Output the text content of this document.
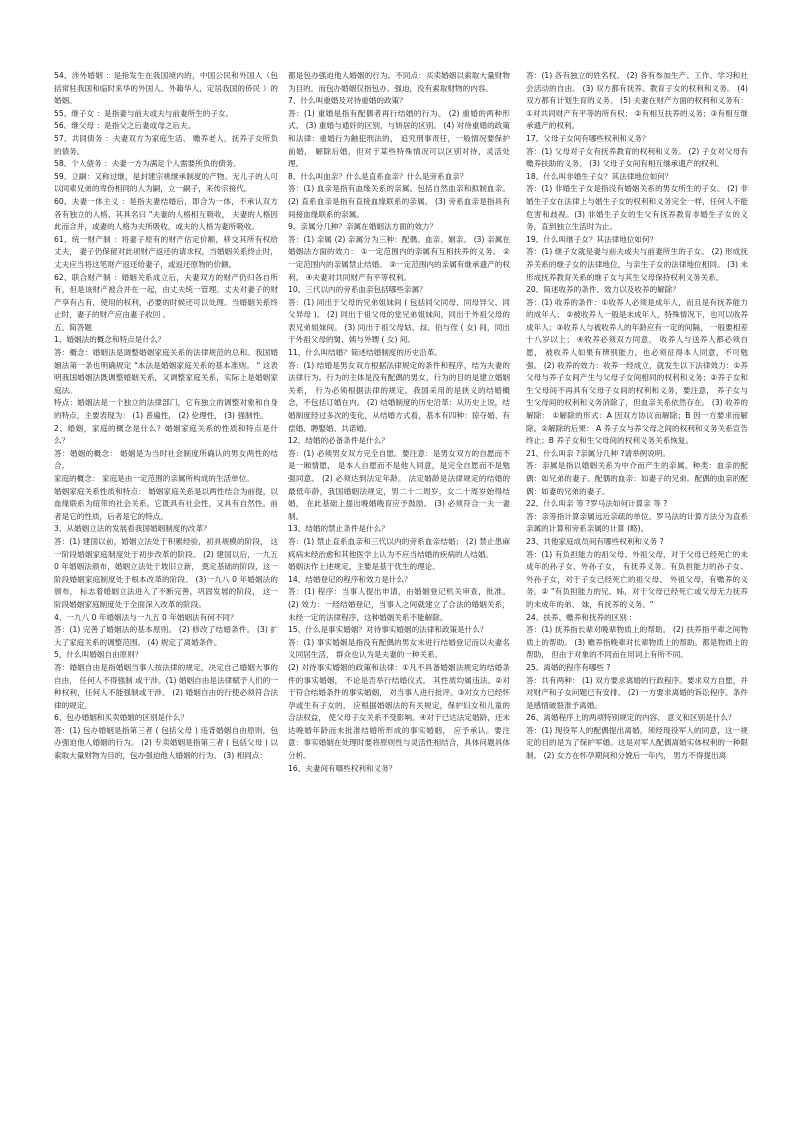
54、涉外婚姻 ：是指发生在我国境内的，中国公民和外国人（包括常驻我国和临时来华的外国人、外籍华人，定居我国的侨民 ）的婚姻。

55、继子女 ：是指妻与前夫或夫与前妻所生的子女。

56、继父母 ：是指父之后妻或母之后夫。

57、共同债务 ：夫妻双方为家庭生活、 赡养老人，抚养子女所负的债务。

58、个人债务 ：夫妻一方为满足个人需要所负的债务。

59、立嗣：又称过继，是封建宗祧继承制度的产物。无儿子的人可以同辈兄弟的卑份相同的人为嗣，立一嗣子，来传宗接代。

60、夫妻一体主义 ：是指夫妻结婚后，即合为一体，不承认双方各有独立的人格，其具名曰 "夫妻的人格相互吸收， 夫妻的人格因此而合并，或妻的人格为夫所吸收，或夫的人格为妻所吸收。

61、统一财产制 ：将妻子原有的财产估定价额，移交其所有权给丈夫， 妻子仍保留对此项财产返还的请求权，当婚姻关系终止时，丈夫应当将这笔财产返还给妻子，或返还原物的价额。

62、联合财产制 ：婚姻关系成立后，夫妻双方的财产仍归各自所有，但是该财产被合并在一起，由丈夫统一管理。丈夫对妻子的财产享有占有，使用的权利，必要的时候还可以处理。当婚姻关系终止时，妻子的财产应由妻子收回 。

五、简答题

1、婚姻法的概念和特点是什么？

答：概念：婚姻法是调整婚姻家庭关系的法律规范的总和。我国婚姻法第一条也明确规定 "本法是婚姻家庭关系的基本准则。 " 这表明我国婚姻法既调整婚姻关系，又调整家庭关系，实际上是婚姻家庭法。

特点：婚姻法是一个独立的法律部门，它有独立的调整对象和自身的特点，主要表现为： (1) 普遍性， (2) 伦理性， (3) 强制性。

2、婚姻，家庭的概念是什么？婚姻家庭关系的性质和特点是什么？

答：婚姻的概念： 婚姻是为当时社会制度所确认的男女两性的结合。

家庭的概念： 家庭是由一定范围的亲属所构成的生活单位。

婚姻家庭关系性质和特点： 婚姻家庭关系是以两性结合为前提，以血缘联系为纽带的社会关系，它既具有社会性，又具有自然性。前者是它的性质，后者是它的特点。

3、从婚姻立法的发展看我国婚姻制度的改革？

答：(1) 建国以前，婚姻立法处于积累经验，初具规模的阶段， 这一阶段婚姻家庭制度处于初步改革的阶段。 (2) 建国以后，一九五 0 年婚姻法颁布，婚姻立法处于坡旧立新， 奠定基础的阶段，这一阶段婚姻家庭制度处于根本改革的阶段。 (3)一九八 0 年婚姻法的颁布， 标志着婚姻立法进入了不断完善，巩固发展的阶段， 这一阶段婚姻家庭制度处于全面深入改革的阶段。

4、一九八 0 年婚姻法与一九五 0 年婚姻法有何不同？

答：(1) 完善了婚姻法的基本原则。 (2) 修改了结婚条件。 (3) 扩大了家庭关系的调整范围。 (4) 规定了离婚条件。

5、什么叫婚姻自由原则？

答：婚姻自由是指婚姻当事人按法律的规定，决定自己婚姻大事的自由， 任何人不得强制 或干涉。(1) 婚姻自由是法律赋予人们的一种权利，任何人不能强制或干涉。 (2) 婚姻自由的行使必须符合法律的规定。

6、包办婚姻和买卖婚姻的区别是什么？

答：(1) 包办婚姻是指第三者 ( 包括父母 ) 违背婚姻自由原则，包办强迫他人婚姻的行为。 (2) 专卖婚姻是指第三者 ( 包括父母 ) 以索取大量财物为目的，包办强迫他人婚姻的行为。 (3) 相同点：

都是包办强迫他人婚姻的行为。不同点：买卖婚姻以索取大量财物为目的，而包办婚姻仅指包办、强迫，没有索取财物的内容。

7、什么叫重婚及对待重婚的政策？

答：(1) 重婚是指有配偶者再行结婚的行为。 (2) 重婚的两种形式。 (3) 重婚与通奸的区别，与姘居的区别。 (4) 对待重婚的政策和法律：重婚行为触犯刑法的， 追究刑事责任，一般情况要保护前婚， 解除后婚，但对于某些特殊情况可以区别对待，灵活处理。

8、什么叫血亲？什么是直系血亲？什么是旁系血亲？

答：(1) 血亲是指有血缘关系的亲属。包括自然血亲和拟制血亲。 (2) 直系血亲是指有直接血缘联系的亲属。 (3) 旁系血亲是指具有间接血缘联系的亲属。

9、亲属分几种？亲属在婚姻法方面的效力？

答：(1) 亲属 (2) 亲属分为三种：配偶、血亲、姻亲。 (3) 亲属在婚姻法方面的效力： ①一定范围内的亲属有互相扶养的义务。 ②一定范围内的亲属禁止结婚。 ③一定范围内的亲属有继承遗产的权利。 ④夫妻对共同财产有平等权利。

10、三代以内的旁系血亲包括哪些亲属？

答：(1) 同出于父母的兄弟姐妹间 ( 包括同父同母、同母异父、同父异母 )。 (2) 同出于祖父母的堂兄弟姐妹间，同出于外祖父母的表兄弟姐妹间。 (3) 同出于祖父母姑、叔、伯与侄 ( 女) 间，同出于外祖父母的舅、姨与外甥 ( 女) 间。

11、什么叫结婚？简述结婚制度的历史沿革。

答：(1) 结婚是男女双方根据法律规定的条件和程序，结为夫妻的法律行为。行为的主体是没有配偶的男女，行为的目的是建立婚姻关系， 行为必须根据法律的规定。我国采用的是狭义的结婚概念，不包括订婚在内。 (2) 结婚制度的历史沿革：从历史上说，结婚制度经过多次的变化，从结婚方式看，基本有四种：掠夺婚、有偿婚、聘娶婚、共诺婚。

12、结婚的必备条件是什么？

答：(1) 必须男女双方完全自愿。要注意：是男女双方的自愿而不是一厢情愿， 是本人自愿而不是他人同意，是完全自愿而不是勉强同意。 (2) 必须达到法定年龄。 法定婚龄是法律规定的结婚的最低年龄，我国婚姻法规定，男二十二周岁，女二十周岁始得结婚， 在此基础上提出晚婚晚育应予鼓励。 (3) 必须符合一夫一妻制。

13、结婚的禁止条件是什么？

答：(1) 禁止直系血亲和三代以内的旁系血亲结婚； (2) 禁止患麻疯病未经治愈和其他医学上认为不应当结婚的疾病的人结婚。

婚姻法作上述规定，主要是基于优生的理论。

14、结婚登记的程序和效力是什么？

答：(1) 程序：当事人提出申请，由婚姻登记机关审查，批准。 (2) 效力：一经结婚登记，当事人之间就建立了合法的婚姻关系， 未经一定的法律程序，这种婚姻关系不能解除。

15、什么是事实婚姻？对待事实婚姻的法律和政策是什么？

答：(1) 事实婚姻是指没有配偶的男女未进行结婚登记而以夫妻名义同居生活， 群众也认为是夫妻的一种关系。

(2) 对待事实婚姻的政策和法律：①凡不具备婚姻法规定的结婚条件的事实婚姻， 不论是否举行结婚仪式， 其性质均属违法。②对于符合结婚条件的事实婚姻， 对当事人进行批评。③对女方已经怀孕或生有子女的， 应根据婚姻法的有关规定，保护妇女和儿童的合法权益， 使父母子女关系不受影响。④对于已达法定婚龄，还未达晚婚年龄而未批准结婚所形成的事实婚姻， 应予承认。要注意：事实婚姻在处理时要将原则性与灵活性相结合，具体问题具体分析。

16、夫妻间有哪些权利和义务？

答：(1) 各有独立的姓名权。 (2) 各有参加生产、工作、学习和社会活动的自由。 (3) 双方都有抚养、教育子女的权利和义务。 (4) 双方都有计划生育的义务。 (5) 夫妻在财产方面的权利和义务有：①对共同财产有平等的所有权； ②有相互扶养的义务；③有相互继承遗产的权利。

17、父母子女间有哪些权利和义务？

答：(1) 父母对子女有抚养教育的权利和义务。 (2) 子女对父母有赡养扶助的义务。 (3) 父母子女间有相互继承遗产的权利。

18、什么叫非婚生子女？其法律地位如何？

答：(1) 非婚生子女是指没有婚姻关系的男女所生的子女。 (2) 非婚生子女在法律上与婚生子女的权利和义务完全一样，任何人不能危害和歧视。(3) 非婚生子女的生父有抚养教育非婚生子女的义务，直到独立生活时为止。

19、什么叫继子女？其法律地位如何？

答：(1) 继子女就是妻与前夫或夫与前妻所生的子女。 (2) 形成抚养关系的继子女的法律地位，与亲生子女的法律地位相同。 (3) 未形成抚养教育关系的继子女与其生父母保持权利义务关系。

20、简述收养的条件、效力以及收养的解除？

答：(1) 收养的条件：①收养人必须是成年人，而且是有抚养能力的成年人； ②被收养人一般是未成年人，特殊情况下，也可以收养成年人；③收养人与被收养人的年龄应有一定的间隔， 一般要相差十八岁以上； ④收养必须双方同意， 收养人与送养人都必须自愿， 被收养人如果有辨别能力，也必须征得本人同意，不可勉强。 (2) 收养的效力：收养一经成立，就发生以下法律效力：①养父母与养子女间产生与父母子女间相同的权利和义务；②养子女和生父母间不再具有父母子女间的权利和义务，要注意， 养子女与生父母间的权利和义务消除了，但血亲关系依然存在。 (3) 收养的解除： ①解除的形式：A 因双方协议而解除；B 因一方要求而解除。②解除的后果： A 养子女与养父母之间的权利和义务关系宣告终止；B 养子女和生父母间的权利义务关系恢复。

21、什么叫亲 ?亲属分几种 ?请举例说明。

答：亲属是指以婚姻关系为中介而产生的亲属。种类：血亲的配偶：如兄弟的妻子。配偶的血亲：如妻子的兄弟。配偶的血亲的配偶：如妻的兄弟的妻子。

22、什么叫亲 等 ?罗马法如何计算亲 等 ?

答：亲等指计算亲属远近亲疏的单位。罗马法的计算方法分为直系亲属的计算和旁系亲属的计算 (略)。

23、共他家庭成员间有哪些权利和义务 ?

答：(1) 有负担能力的祖父母、外祖父母，对于父母已经死亡的未成年的孙子女、外孙子女， 有抚养义务。有负担能力的孙子女、外孙子女，对于子女已经死亡的祖父母、 外祖父母，有赡养的义务。② "有负担能力的兄、姊，对于父母已经死亡或父母无力抚养的未成年的弟、 妹，有抚养的义务。"

24、扶养、赡养和抚养的区别 :

答：(1) 抚养指长辈对晚辈物质上的帮助。 (2) 扶养指平辈之间物质上的帮助。 (3) 赡养指晚辈对长辈物质上的帮助。都是物质上的帮助， 但由于对象的不同而在用词上有所不同。

25、离婚的程序有哪些 ?

答：共有两种： (1) 双方要求离婚的行政程序。要求双方自愿，并对财产和子女问题已有安排。 (2) 一方要求离婚的诉讼程序。条件是感情破裂准予离婚。

26、离婚程序上的两项特别规定的内容、 意义和区别是什么？

答：(1) 现役军人的配偶提出离婚，须经现役军人的同意，这一规定的目的是为了保护军婚。这是对军人配偶离婚实体权利的一种限制。 (2) 女方在怀孕期间和分娩后一年内， 男方不得提出离
